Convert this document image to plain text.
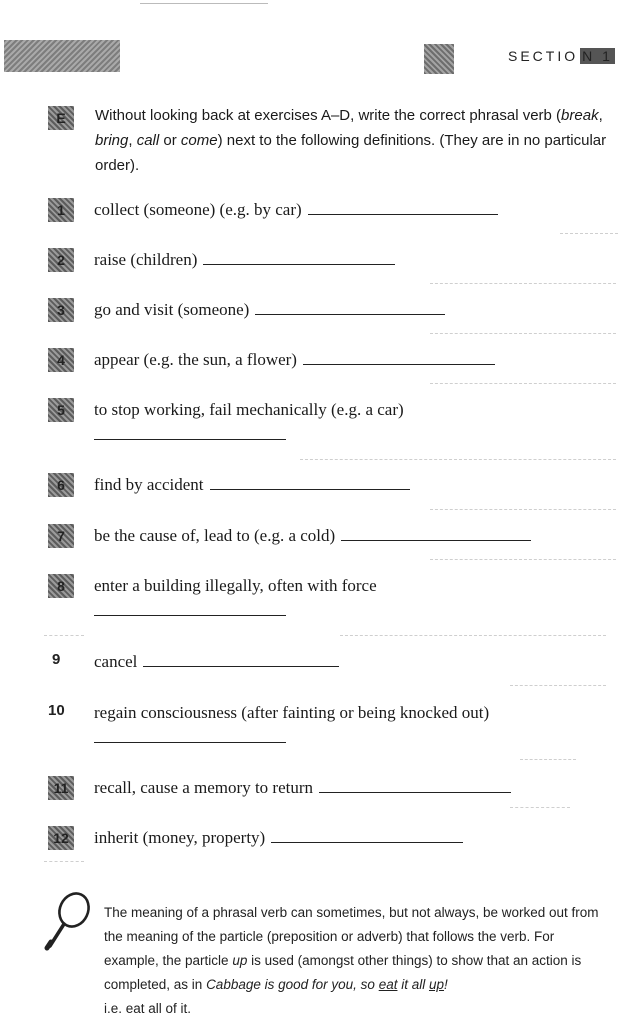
SECTIO N 1
E	Without looking back at exercises A–D, write the correct phrasal verb (break, bring, call or come) next to the following definitions. (They are in no particular order).
1	collect (someone) (e.g. by car)
2	raise (children)
3	go and visit (someone)
4	appear (e.g. the sun, a flower)
5	to stop working, fail mechanically (e.g. a car)
6	find by accident
7	be the cause of, lead to (e.g. a cold)
8	enter a building illegally, often with force
9 cancel
10 regain consciousness (after fainting or being knocked out)
11	recall, cause a memory to return
12	inherit (money, property)
The meaning of a phrasal verb can sometimes, but not always, be worked out from the meaning of the particle (preposition or adverb) that follows the verb. For example, the particle up is used (amongst other things) to show that an action is completed, as in Cabbage is good for you, so eat it all up!
i.e. eat all of it.
